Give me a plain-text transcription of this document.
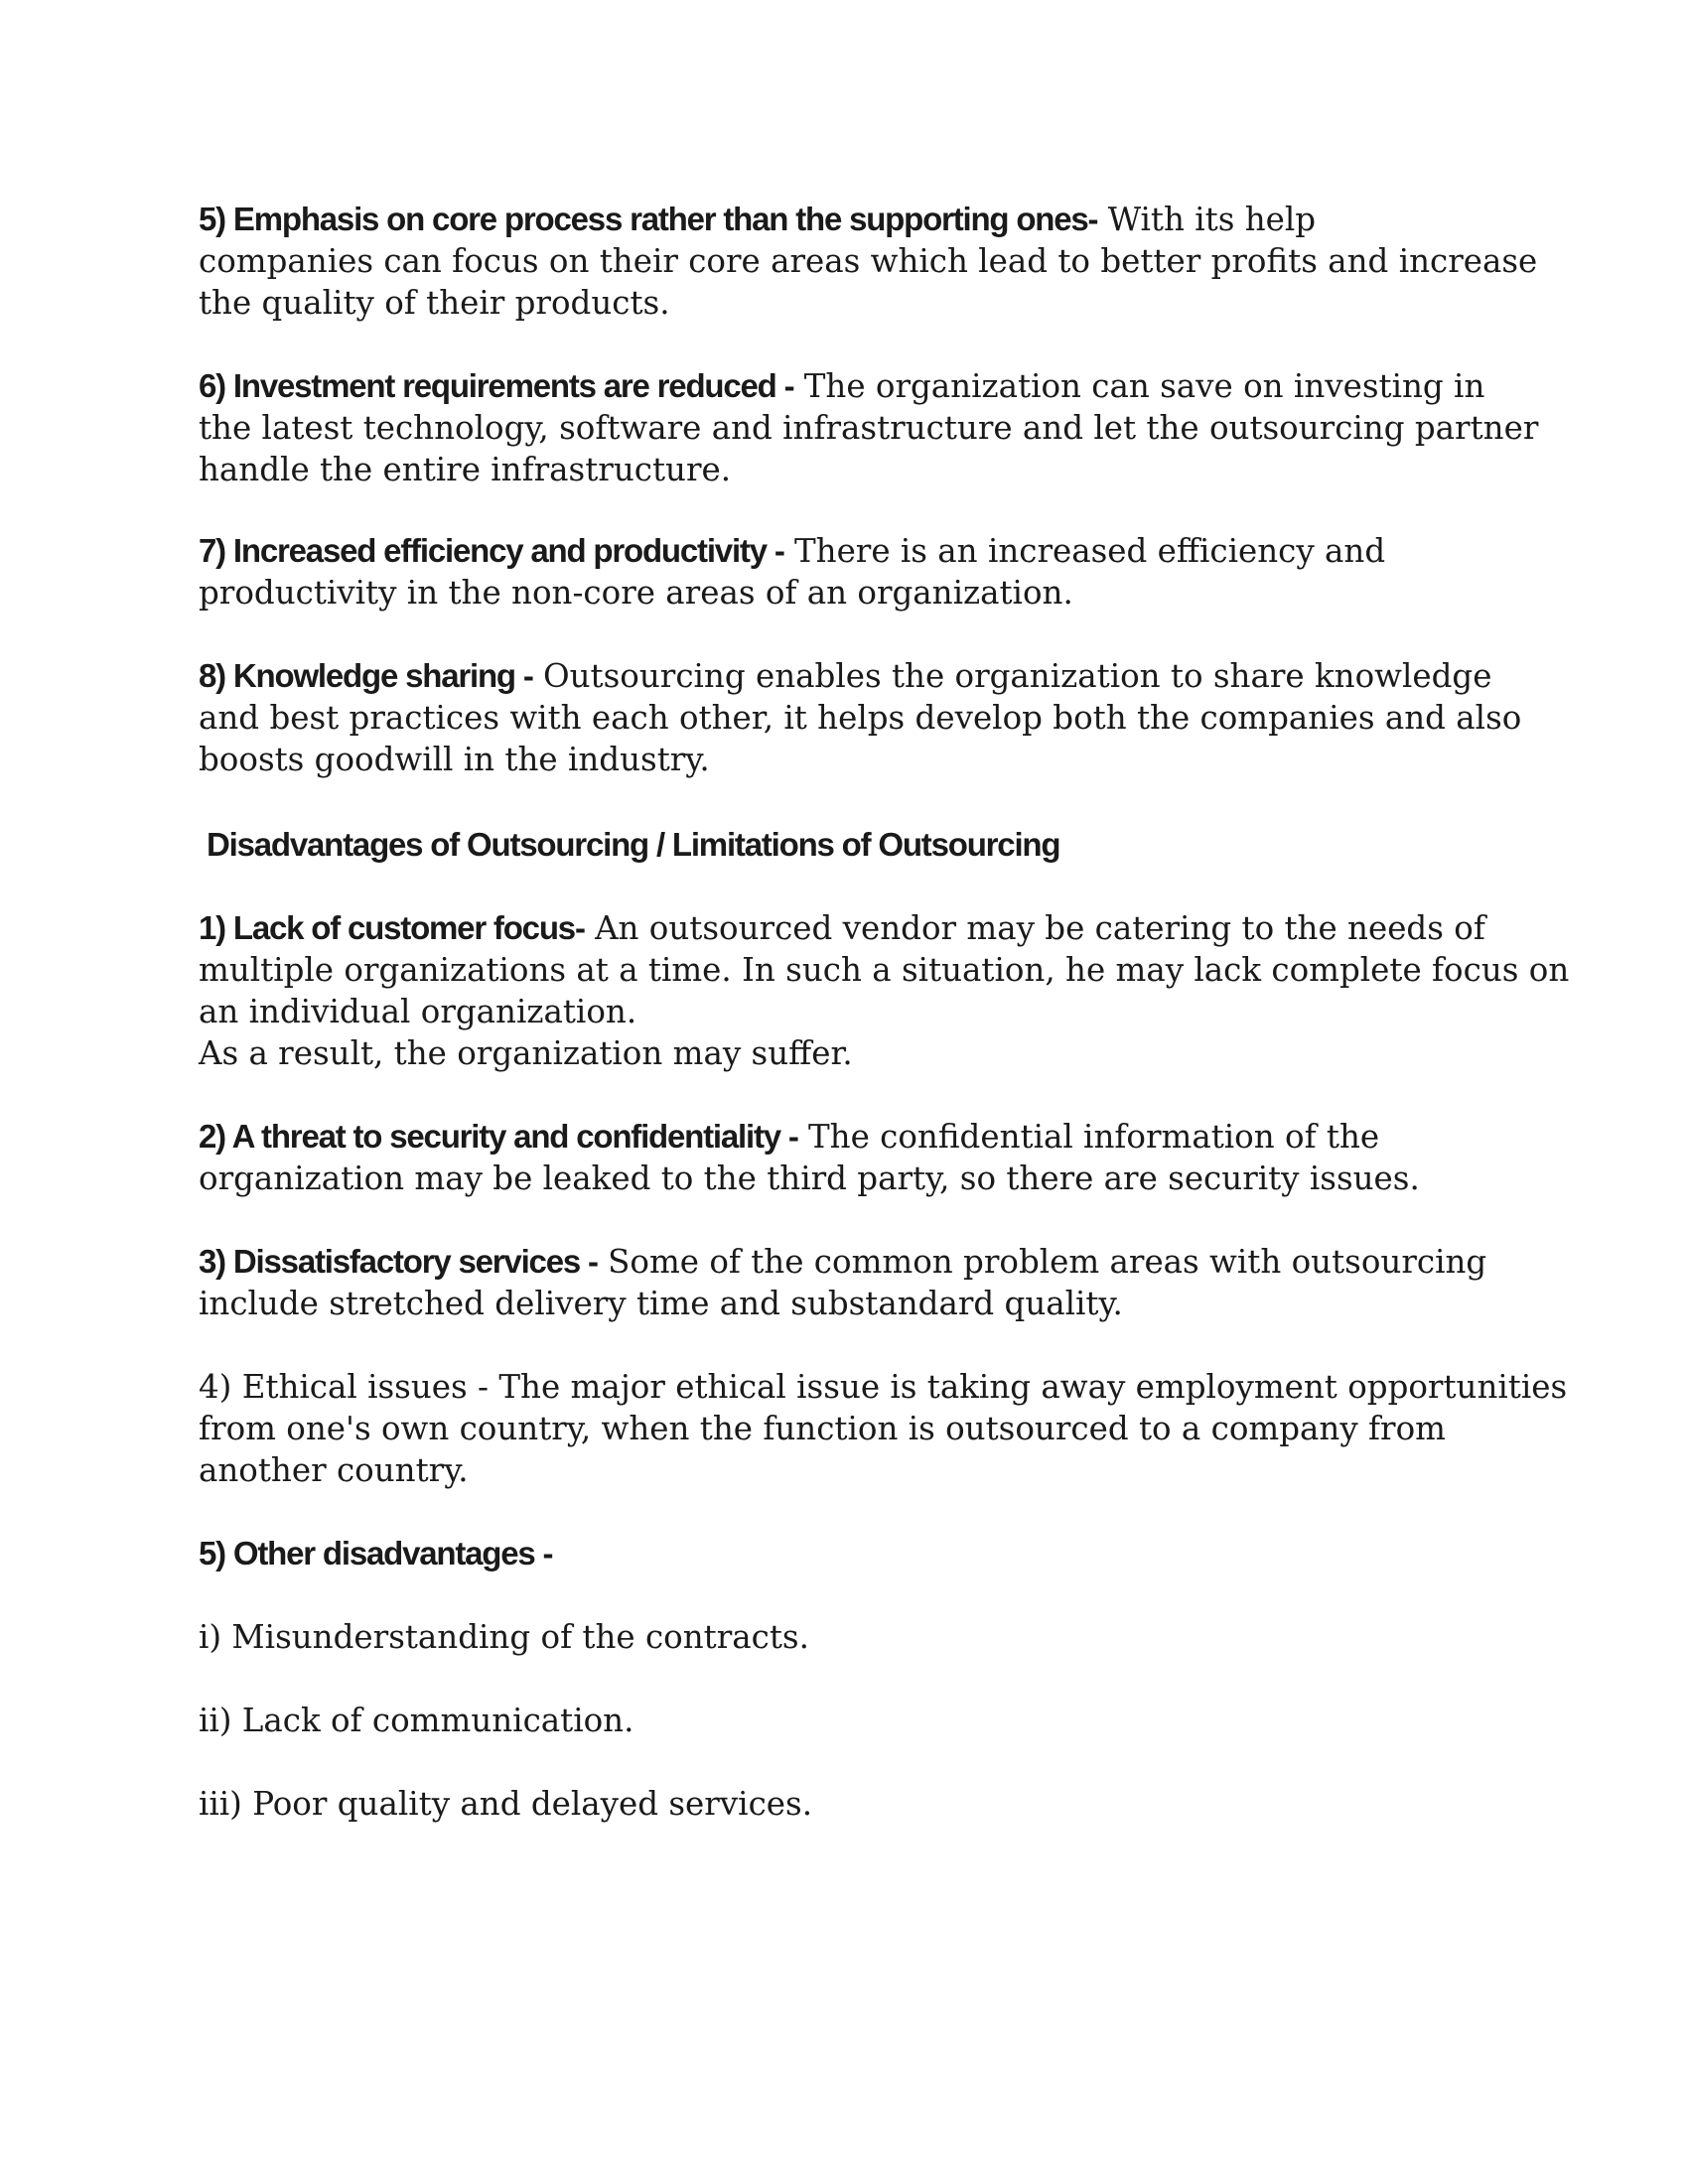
5) Emphasis on core process rather than the supporting ones- With its help
companies can focus on their core areas which lead to better profits and increase
the quality of their products.

6) Investment requirements are reduced - The organization can save on investing in
the latest technology, software and infrastructure and let the outsourcing partner
handle the entire infrastructure.

7) Increased efficiency and productivity - There is an increased efficiency and
productivity in the non-core areas of an organization.

8) Knowledge sharing - Outsourcing enables the organization to share knowledge
and best practices with each other, it helps develop both the companies and also
boosts goodwill in the industry.

Disadvantages of Outsourcing / Limitations of Outsourcing

1) Lack of customer focus- An outsourced vendor may be catering to the needs of
multiple organizations at a time. In such a situation, he may lack complete focus on
an individual organization.
As a result, the organization may suffer.

2) A threat to security and confidentiality - The confidential information of the
organization may be leaked to the third party, so there are security issues.

3) Dissatisfactory services - Some of the common problem areas with outsourcing
include stretched delivery time and substandard quality.

4) Ethical issues - The major ethical issue is taking away employment opportunities
from one's own country, when the function is outsourced to a company from
another country.

5) Other disadvantages -

i) Misunderstanding of the contracts.

ii) Lack of communication.

iii) Poor quality and delayed services.
